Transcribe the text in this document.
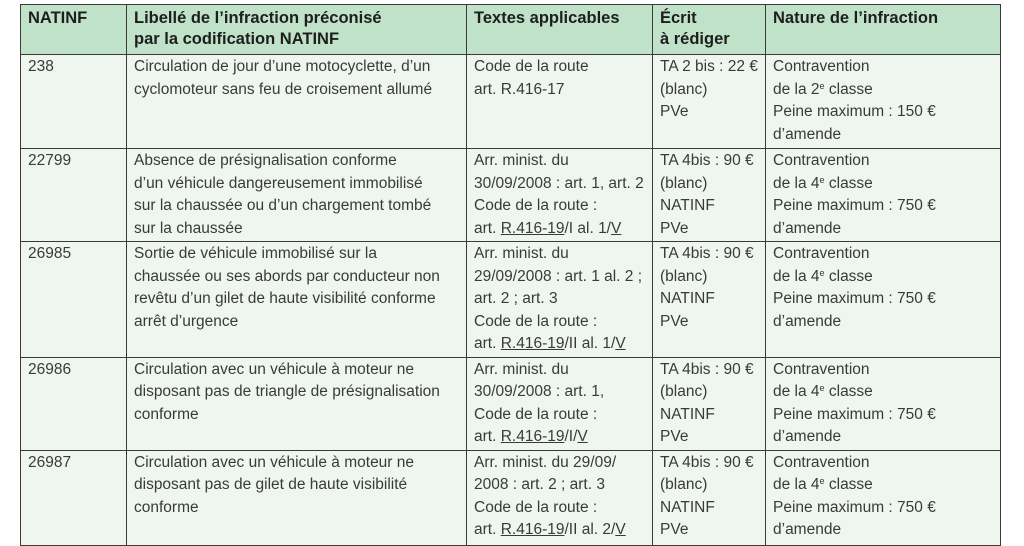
NATINF	Libellé de l’infraction préconisé
par la codification NATINF	Textes applicables	Écrit
à rédiger	Nature de l’infraction

238	Circulation de jour d’une motocyclette, d’un
cyclomoteur sans feu de croisement allumé	Code de la route
art. R.416-17	TA 2 bis : 22 €
(blanc)
PVe	Contravention
de la 2e classe
Peine maximum : 150 €
d’amende

22799	Absence de présignalisation conforme
d’un véhicule dangereusement immobilisé
sur la chaussée ou d’un chargement tombé
sur la chaussée	Arr. minist. du
30/09/2008 : art. 1, art. 2
Code de la route :
art. R.416-19/I al. 1/V	TA 4bis : 90 €
(blanc)
NATINF
PVe	Contravention
de la 4e classe
Peine maximum : 750 €
d’amende

26985	Sortie de véhicule immobilisé sur la
chaussée ou ses abords par conducteur non
revêtu d’un gilet de haute visibilité conforme
arrêt d’urgence	Arr. minist. du
29/09/2008 : art. 1 al. 2 ;
art. 2 ; art. 3
Code de la route :
art. R.416-19/II al. 1/V	TA 4bis : 90 €
(blanc)
NATINF
PVe	Contravention
de la 4e classe
Peine maximum : 750 €
d’amende

26986	Circulation avec un véhicule à moteur ne
disposant pas de triangle de présignalisation
conforme	Arr. minist. du
30/09/2008 : art. 1,
Code de la route :
art. R.416-19/I/V	TA 4bis : 90 €
(blanc)
NATINF
PVe	Contravention
de la 4e classe
Peine maximum : 750 €
d’amende

26987	Circulation avec un véhicule à moteur ne
disposant pas de gilet de haute visibilité
conforme	Arr. minist. du 29/09/
2008 : art. 2 ; art. 3
Code de la route :
art. R.416-19/II al. 2/V	TA 4bis : 90 €
(blanc)
NATINF
PVe	Contravention
de la 4e classe
Peine maximum : 750 €
d’amende
